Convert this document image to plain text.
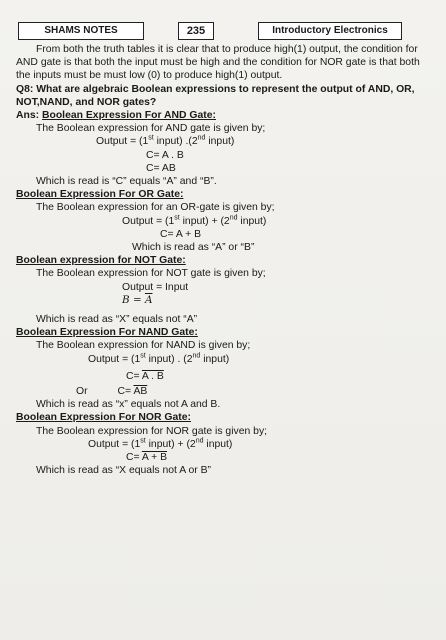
SHAMS NOTES	235	Introductory Electronics

From both the truth tables it is clear that to produce high(1) output, the condition for AND gate is that both the input must be high and the condition for NOR gate is that both the inputs must be must low (0) to produce high(1) output.

Q8: What are algebraic Boolean expressions to represent the output of AND, OR, NOT,NAND, and NOR gates?

Ans: Boolean Expression For AND Gate:

The Boolean expression for AND gate is given by;

Output = (1st input) .(2nd input)

C= A . B

C= AB

Which is read is “C” equals “A” and “B”.

Boolean Expression For OR Gate:

The Boolean expression for an OR-gate is given by;

Output = (1st input) + (2nd input)

C= A + B

Which is read as “A” or “B”

Boolean expression for NOT Gate:

The Boolean expression for NOT gate is given by;

Output = Input

$B = \overline{A}$

Which is read as “X” equals not “A”

Boolean Expression For NAND Gate:

The Boolean expression for NAND is given by;

Output = (1st input) . (2nd input)

C= A . B

Or	$C= \overline{AB}$

Which is read as “x” equals not A and B.

Boolean Expression For NOR Gate:

The Boolean expression for NOR gate is given by;

Output = (1st input) + (2nd input)

C= A + B

Which is read as “X equals not A or B”
